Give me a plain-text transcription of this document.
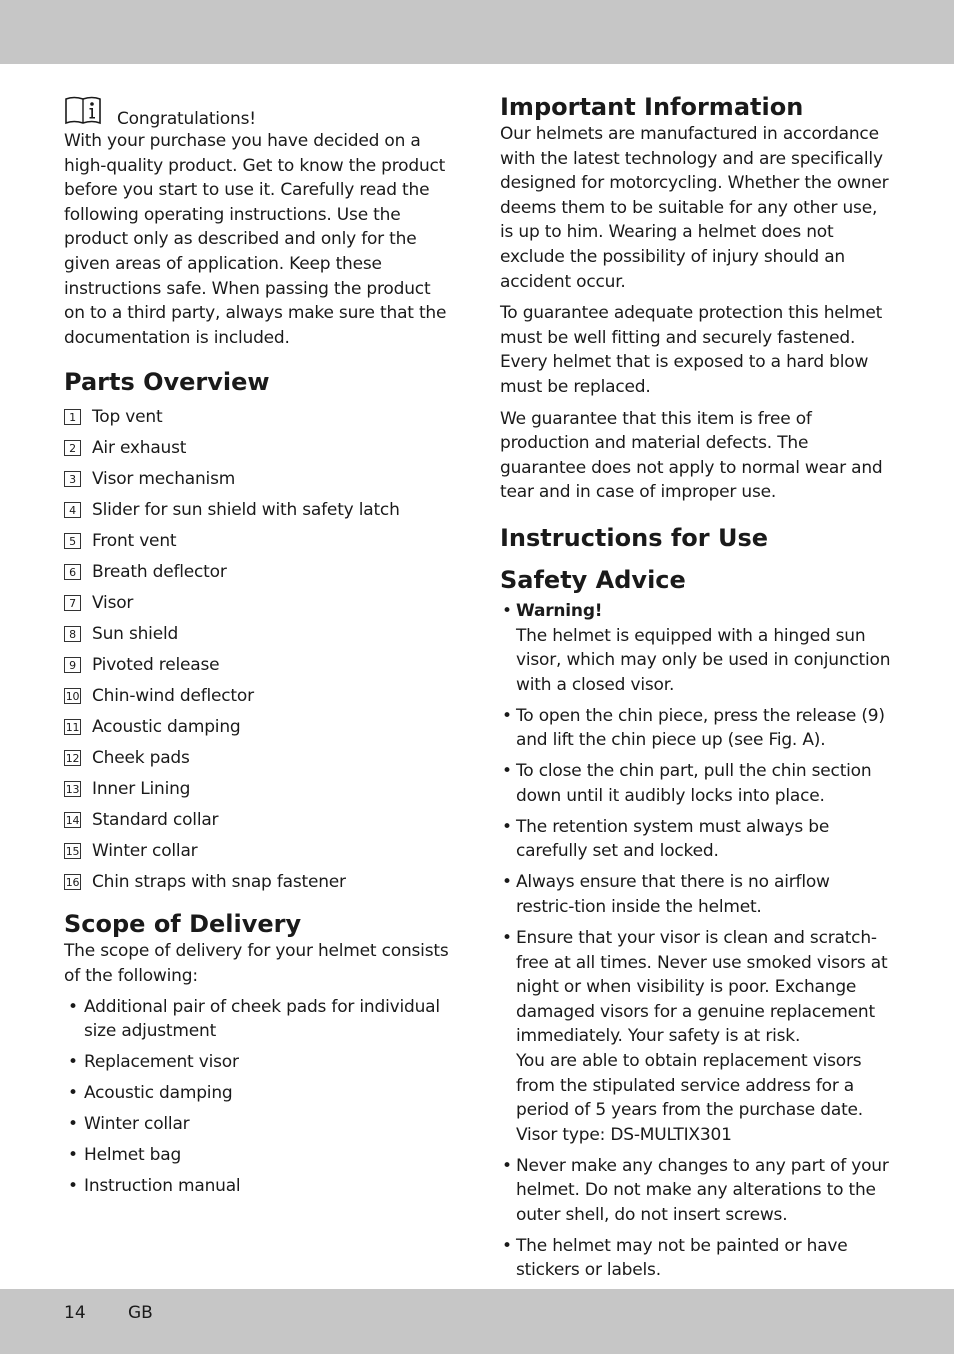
Congratulations!

With your purchase you have decided on a high-quality product. Get to know the product before you start to use it. Carefully read the following operating instructions. Use the product only as described and only for the given areas of application. Keep these instructions safe. When passing the product on to a third party, always make sure that the documentation is included.

Parts Overview
1 Top vent
2 Air exhaust
3 Visor mechanism
4 Slider for sun shield with safety latch
5 Front vent
6 Breath deflector
7 Visor
8 Sun shield
9 Pivoted release
10 Chin-wind deflector
11 Acoustic damping
12 Cheek pads
13 Inner Lining
14 Standard collar
15 Winter collar
16 Chin straps with snap fastener
Scope of Delivery

The scope of delivery for your helmet consists of the following:

• Additional pair of cheek pads for individual size adjustment
• Replacement visor
• Acoustic damping
• Winter collar
• Helmet bag
• Instruction manual
Important Information

Our helmets are manufactured in accordance with the latest technology and are specifically designed for motorcycling. Whether the owner deems them to be suitable for any other use, is up to him. Wearing a helmet does not exclude the possibility of injury should an accident occur.

To guarantee adequate protection this helmet must be well fitting and securely fastened. Every helmet that is exposed to a hard blow must be replaced.

We guarantee that this item is free of production and material defects. The guarantee does not apply to normal wear and tear and in case of improper use.

Instructions for Use
Safety Advice
• Warning!
The helmet is equipped with a hinged sun visor, which may only be used in conjunction with a closed visor.
• To open the chin piece, press the release (9) and lift the chin piece up (see Fig. A).
• To close the chin part, pull the chin section down until it audibly locks into place.
• The retention system must always be carefully set and locked.
• Always ensure that there is no airflow restric-tion inside the helmet.
• Ensure that your visor is clean and scratch-free at all times. Never use smoked visors at night or when visibility is poor. Exchange damaged visors for a genuine replacement immediately. Your safety is at risk.
You are able to obtain replacement visors from the stipulated service address for a period of 5 years from the purchase date.
Visor type: DS-MULTIX301
• Never make any changes to any part of your helmet. Do not make any alterations to the outer shell, do not insert screws.
• The helmet may not be painted or have stickers or labels.
14 GB
